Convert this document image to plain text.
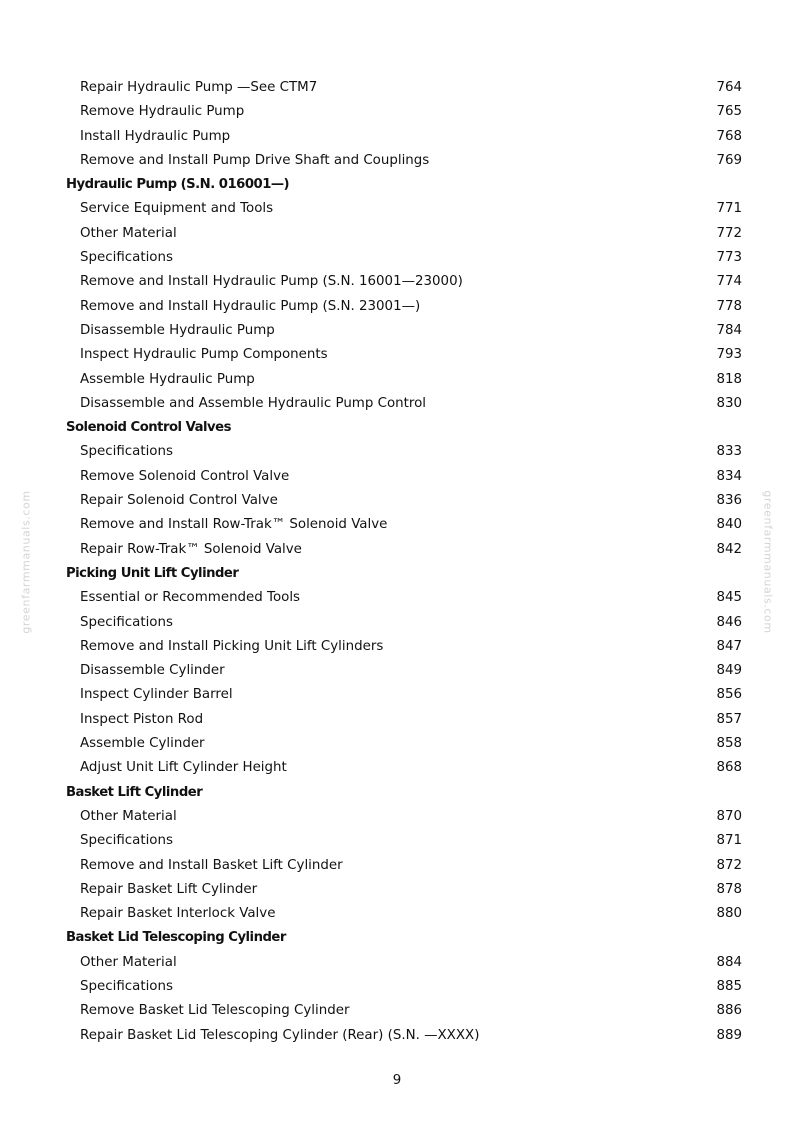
greenfarmmanuals.com	greenfarmmanuals.com
Repair Hydraulic Pump —See CTM7	764
Remove Hydraulic Pump	765
Install Hydraulic Pump	768
Remove and Install Pump Drive Shaft and Couplings	769
Hydraulic Pump (S.N. 016001—)
Service Equipment and Tools	771
Other Material	772
Specifications	773
Remove and Install Hydraulic Pump (S.N. 16001—23000)	774
Remove and Install Hydraulic Pump (S.N. 23001—)	778
Disassemble Hydraulic Pump	784
Inspect Hydraulic Pump Components	793
Assemble Hydraulic Pump	818
Disassemble and Assemble Hydraulic Pump Control	830
Solenoid Control Valves
Specifications	833
Remove Solenoid Control Valve	834
Repair Solenoid Control Valve	836
Remove and Install Row-Trak™ Solenoid Valve	840
Repair Row-Trak™ Solenoid Valve	842
Picking Unit Lift Cylinder
Essential or Recommended Tools	845
Specifications	846
Remove and Install Picking Unit Lift Cylinders	847
Disassemble Cylinder	849
Inspect Cylinder Barrel	856
Inspect Piston Rod	857
Assemble Cylinder	858
Adjust Unit Lift Cylinder Height	868
Basket Lift Cylinder
Other Material	870
Specifications	871
Remove and Install Basket Lift Cylinder	872
Repair Basket Lift Cylinder	878
Repair Basket Interlock Valve	880
Basket Lid Telescoping Cylinder
Other Material	884
Specifications	885
Remove Basket Lid Telescoping Cylinder	886
Repair Basket Lid Telescoping Cylinder (Rear) (S.N. —XXXX)	889
9
